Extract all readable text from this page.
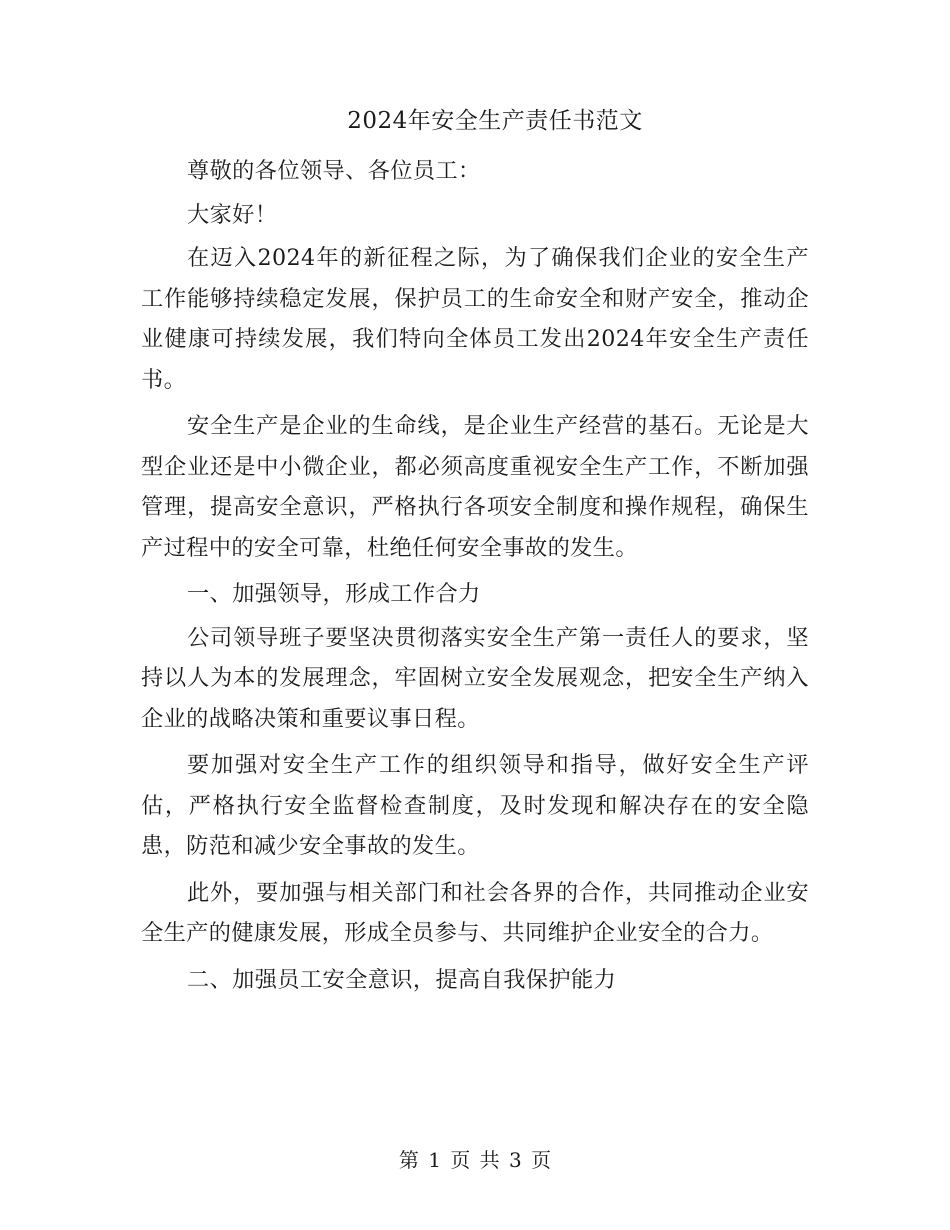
2024年安全生产责任书范文

尊敬的各位领导、各位员工：

大家好！

在迈入2024年的新征程之际，为了确保我们企业的安全生产工作能够持续稳定发展，保护员工的生命安全和财产安全，推动企业健康可持续发展，我们特向全体员工发出2024年安全生产责任书。

安全生产是企业的生命线，是企业生产经营的基石。无论是大型企业还是中小微企业，都必须高度重视安全生产工作，不断加强管理，提高安全意识，严格执行各项安全制度和操作规程，确保生产过程中的安全可靠，杜绝任何安全事故的发生。

一、加强领导，形成工作合力

公司领导班子要坚决贯彻落实安全生产第一责任人的要求，坚持以人为本的发展理念，牢固树立安全发展观念，把安全生产纳入企业的战略决策和重要议事日程。

要加强对安全生产工作的组织领导和指导，做好安全生产评估，严格执行安全监督检查制度，及时发现和解决存在的安全隐患，防范和减少安全事故的发生。

此外，要加强与相关部门和社会各界的合作，共同推动企业安全生产的健康发展，形成全员参与、共同维护企业安全的合力。

二、加强员工安全意识，提高自我保护能力

第 1 页 共 3 页
